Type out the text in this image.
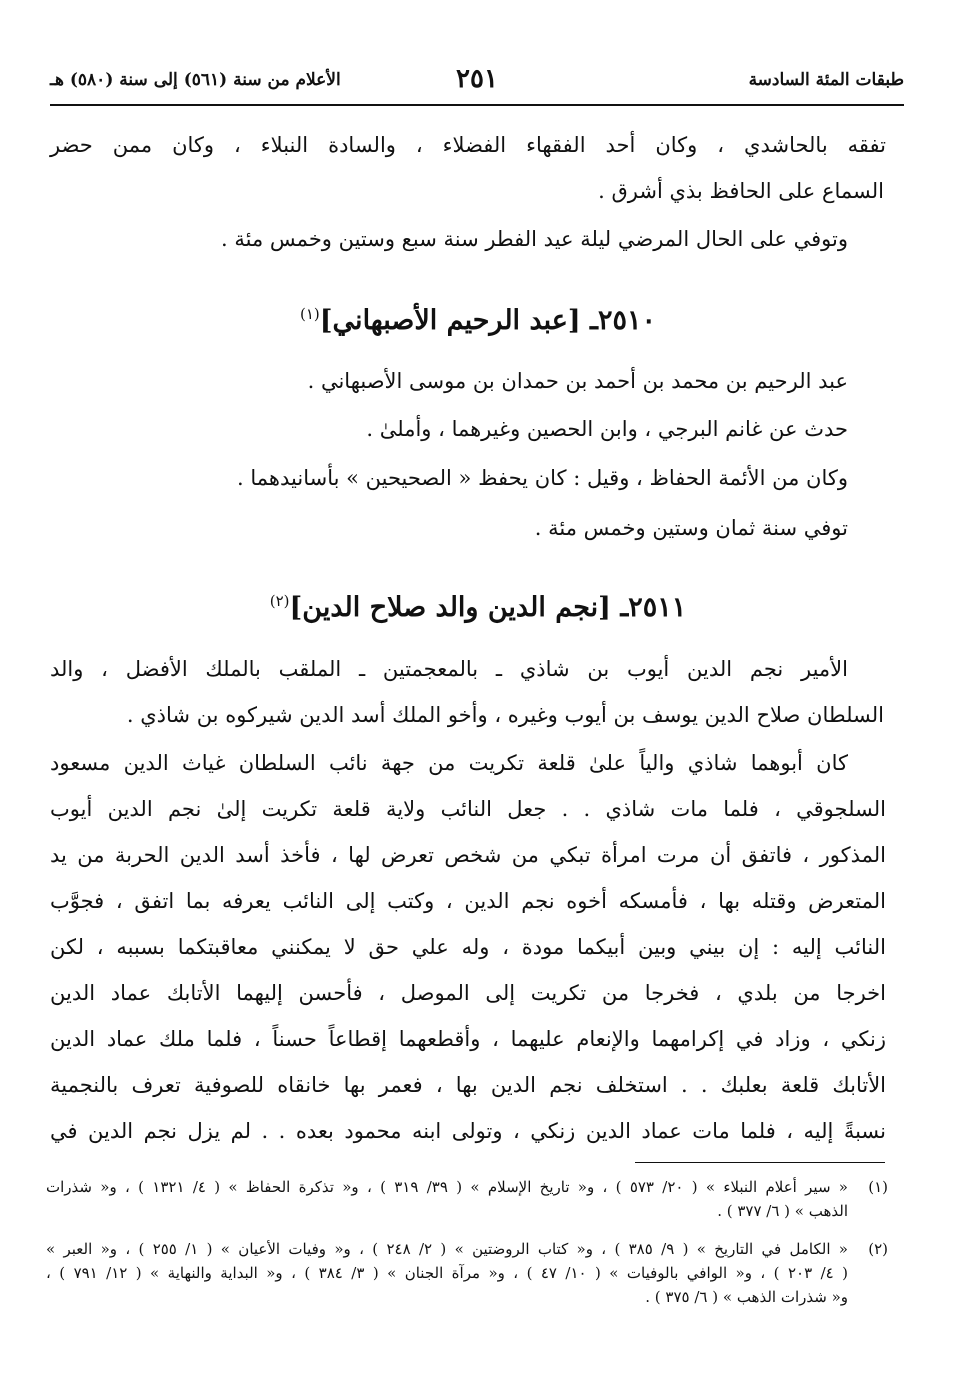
طبقات المئة السادسة
٢٥١
الأعلام من سنة (٥٦١) إلى سنة (٥٨٠) هـ
تفقه بالحاشدي ، وكان أحد الفقهاء الفضلاء ، والسادة النبلاء ، وكان ممن حضر
السماع على الحافظ بذي أشرق .
وتوفي على الحال المرضي ليلة عيد الفطر سنة سبع وستين وخمس مئة .
٢٥١٠ـ [عبد الرحيم الأصبهاني]$^{(١)}$
عبد الرحيم بن محمد بن أحمد بن حمدان بن موسى الأصبهاني .
حدث عن غانم البرجي ، وابن الحصين وغيرهما ، وأملىٰ .
وكان من الأئمة الحفاظ ، وقيل : كان يحفظ « الصحيحين » بأسانيدهما .
توفي سنة ثمان وستين وخمس مئة .
٢٥١١ـ [نجم الدين والد صلاح الدين]$^{(٢)}$
الأمير نجم الدين أيوب بن شاذي ـ بالمعجمتين ـ الملقب بالملك الأفضل ، والد
السلطان صلاح الدين يوسف بن أيوب وغيره ، وأخو الملك أسد الدين شيركوه بن شاذي .
كان أبوهما شاذي والياً علىٰ قلعة تكريت من جهة نائب السلطان غياث الدين مسعود
السلجوقي ، فلما مات شاذي . . جعل النائب ولاية قلعة تكريت إلىٰ نجم الدين أيوب
المذكور ، فاتفق أن مرت امرأة تبكي من شخص تعرض لها ، فأخذ أسد الدين الحربة من يد
المتعرض وقتله بها ، فأمسكه أخوه نجم الدين ، وكتب إلى النائب يعرفه بما اتفق ، فجوَّب
النائب إليه : إن بيني وبين أبيكما مودة ، وله علي حق لا يمكنني معاقبتكما بسببه ، لكن
اخرجا من بلدي ، فخرجا من تكريت إلى الموصل ، فأحسن إليهما الأتابك عماد الدين
زنكي ، وزاد في إكرامهما والإنعام عليهما ، وأقطعهما إقطاعاً حسناً ، فلما ملك عماد الدين
الأتابك قلعة بعلبك . . استخلف نجم الدين بها ، فعمر بها خانقاه للصوفية تعرف بالنجمية
نسبةً إليه ، فلما مات عماد الدين زنكي ، وتولى ابنه محمود بعده . . لم يزل نجم الدين في
(١)
« سير أعلام النبلاء » ( ٢٠/ ٥٧٣ ) ، و« تاريخ الإسلام » ( ٣٩/ ٣١٩ ) ، و« تذكرة الحفاظ » ( ٤/ ١٣٢١ ) ، و« شذرات
الذهب » ( ٦/ ٣٧٧ ) .
(٢)
« الكامل في التاريخ » ( ٩/ ٣٨٥ ) ، و« كتاب الروضتين » ( ٢/ ٢٤٨ ) ، و« وفيات الأعيان » ( ١/ ٢٥٥ ) ، و« العبر »
( ٤/ ٢٠٣ ) ، و« الوافي بالوفيات » ( ١٠/ ٤٧ ) ، و« مرآة الجنان » ( ٣/ ٣٨٤ ) ، و« البداية والنهاية » ( ١٢/ ٧٩١ ) ،
و« شذرات الذهب » ( ٦/ ٣٧٥ ) .
